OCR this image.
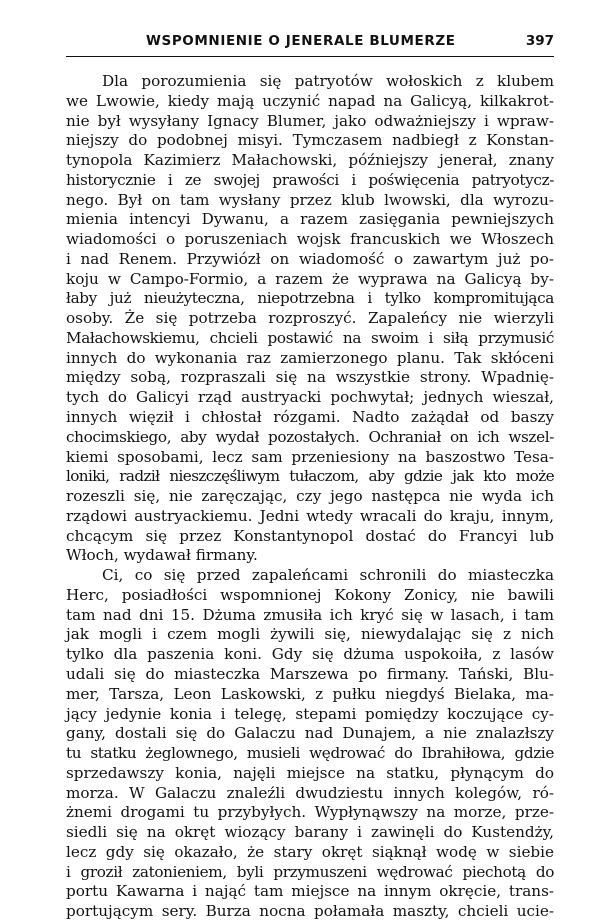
WSPOMNIENIE O JENERALE BLUMERZE	397
Dla porozumienia się patryotów wołoskich z klubem
we Lwowie, kiedy mają uczynić napad na Galicyą, kilkakrot-
nie był wysyłany Ignacy Blumer, jako odważniejszy i wpraw-
niejszy do podobnej misyi. Tymczasem nadbiegł z Konstan-
tynopola Kazimierz Małachowski, późniejszy jenerał, znany
historycznie i ze swojej prawości i poświęcenia patryotycz-
nego. Był on tam wysłany przez klub lwowski, dla wyrozu-
mienia intencyi Dywanu, a razem zasięgania pewniejszych
wiadomości o poruszeniach wojsk francuskich we Włoszech
i nad Renem. Przywiózł on wiadomość o zawartym już po-
koju w Campo-Formio, a razem że wyprawa na Galicyą by-
łaby już nieużyteczna, niepotrzebna i tylko kompromitująca
osoby. Że się potrzeba rozproszyć. Zapaleńcy nie wierzyli
Małachowskiemu, chcieli postawić na swoim i siłą przymusić
innych do wykonania raz zamierzonego planu. Tak skłóceni
między sobą, rozpraszali się na wszystkie strony. Wpadnię-
tych do Galicyi rząd austryacki pochwytał; jednych wieszał,
innych więził i chłostał rózgami. Nadto zażądał od baszy
chocimskiego, aby wydał pozostałych. Ochraniał on ich wszel-
kiemi sposobami, lecz sam przeniesiony na baszostwo Tesa-
loniki, radził nieszczęśliwym tułaczom, aby gdzie jak kto może
rozeszli się, nie zaręczając, czy jego następca nie wyda ich
rządowi austryackiemu. Jedni wtedy wracali do kraju, innym,
chcącym się przez Konstantynopol dostać do Francyi lub
Włoch, wydawał firmany.
Ci, co się przed zapaleńcami schronili do miasteczka
Herc, posiadłości wspomnionej Kokony Zonicy, nie bawili
tam nad dni 15. Dżuma zmusiła ich kryć się w lasach, i tam
jak mogli i czem mogli żywili się, niewydalając się z nich
tylko dla paszenia koni. Gdy się dżuma uspokoiła, z lasów
udali się do miasteczka Marszewa po firmany. Tański, Blu-
mer, Tarsza, Leon Laskowski, z pułku niegdyś Bielaka, ma-
jący jedynie konia i telegę, stepami pomiędzy koczujące cy-
gany, dostali się do Galaczu nad Dunajem, a nie znalazłszy
tu statku żeglownego, musieli wędrować do Ibrahiłowa, gdzie
sprzedawszy konia, najęli miejsce na statku, płynącym do
morza. W Galaczu znaleźli dwudziestu innych kolegów, ró-
żnemi drogami tu przybyłych. Wypłynąwszy na morze, prze-
siedli się na okręt wiozący barany i zawinęli do Kustendży,
lecz gdy się okazało, że stary okręt siąknął wodę w siebie
i groził zatonieniem, byli przymuszeni wędrować piechotą do
portu Kawarna i nająć tam miejsce na innym okręcie, trans-
portującym sery. Burza nocna połamała maszty, chcieli ucie-
